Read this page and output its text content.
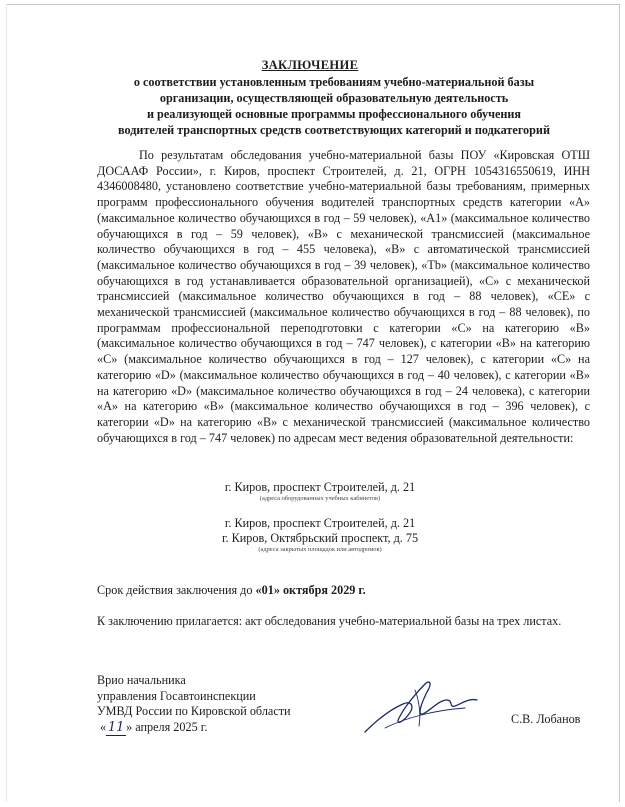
ЗАКЛЮЧЕНИЕ
о соответствии установленным требованиям учебно-материальной базы
организации, осуществляющей образовательную деятельность
и реализующей основные программы профессионального обучения
водителей транспортных средств соответствующих категорий и подкатегорий

По результатам обследования учебно-материальной базы ПОУ «Кировская ОТШ ДОСААФ России», г. Киров, проспект Строителей, д. 21, ОГРН 1054316550619, ИНН 4346008480, установлено соответствие учебно-материальной базы требованиям, примерных программ профессионального обучения водителей транспортных средств категории «А» (максимальное количество обучающихся в год – 59 человек), «А1» (максимальное количество обучающихся в год – 59 человек), «В» с механической трансмиссией (максимальное количество обучающихся в год – 455 человека), «В» с автоматической трансмиссией (максимальное количество обучающихся в год – 39 человек), «Тb» (максимальное количество обучающихся в год устанавливается образовательной организацией), «С» с механической трансмиссией (максимальное количество обучающихся в год – 88 человек), «СЕ» с механической трансмиссией (максимальное количество обучающихся в год – 88 человек), по программам профессиональной переподготовки с категории «С» на категорию «В» (максимальное количество обучающихся в год – 747 человек), с категории «В» на категорию «С» (максимальное количество обучающихся в год – 127 человек), с категории «С» на категорию «D» (максимальное количество обучающихся в год – 40 человек), с категории «В» на категорию «D» (максимальное количество обучающихся в год – 24 человека), с категории «А» на категорию «В» (максимальное количество обучающихся в год – 396 человек), с категории «D» на категорию «В» с механической трансмиссией (максимальное количество обучающихся в год – 747 человек) по адресам мест ведения образовательной деятельности:

г. Киров, проспект Строителей, д. 21
(адреса оборудованных учебных кабинетов)
г. Киров, проспект Строителей, д. 21
г. Киров, Октябрьский проспект, д. 75
(адреса закрытых площадок или автодромов)
Срок действия заключения до «01» октября 2029 г.
К заключению прилагается: акт обследования учебно-материальной базы на трех листах.
Врио начальника
управления Госавтоинспекции
УМВД России по Кировской области
« 11 » апреля 2025 г.
С.В. Лобанов
